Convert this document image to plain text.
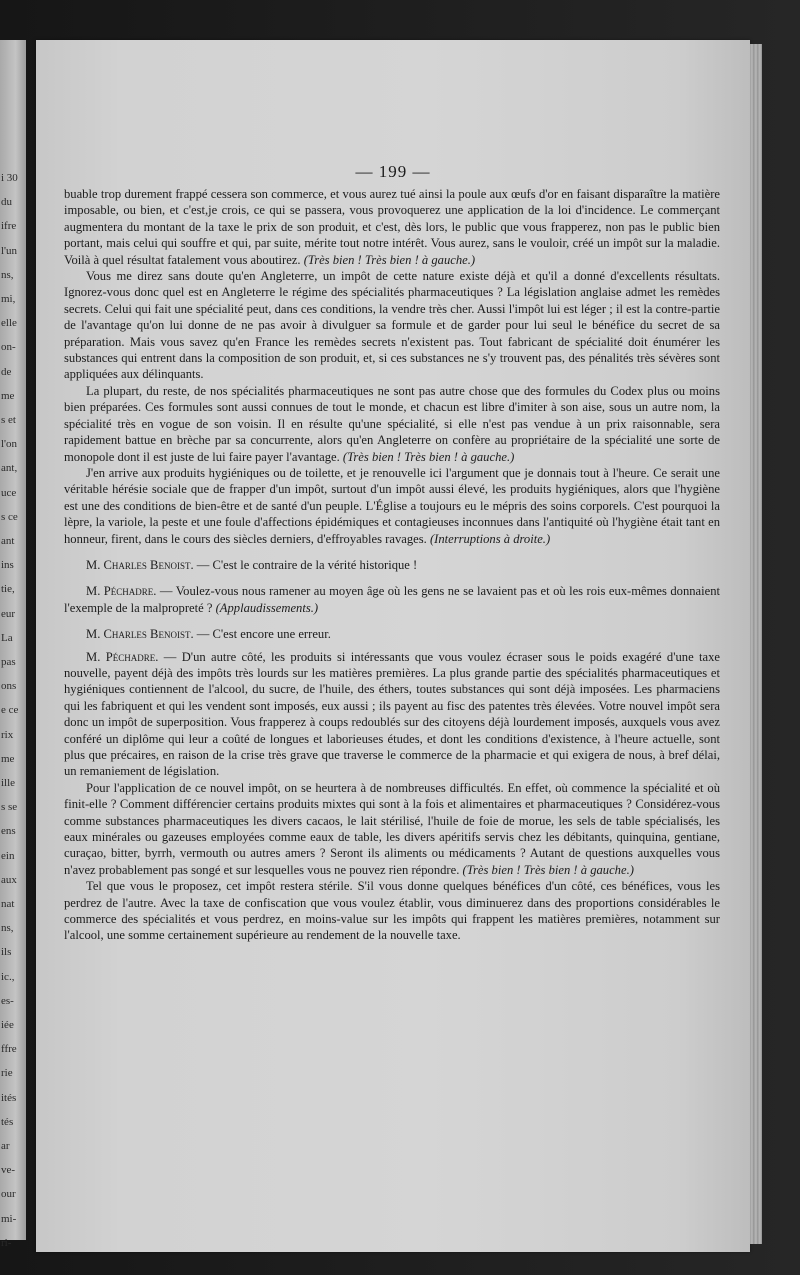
i 30
du
ifre
l'un
ns,
mi,
elle
on-
de
me
s et
l'on
ant,
uce
s ce
ant
ins
tie,
eur
La
pas
ons
e ce
rix
me
ille
s se
ens
ein
aux
nat
ns,
ils
ic.,
es-
iée
ffre
rie
ités
tés
ar
ve-
our
mi-
ri-
— 199 —

buable trop durement frappé cessera son commerce, et vous aurez tué ainsi la poule aux œufs d'or en faisant disparaître la matière imposable, ou bien, et c'est,je crois, ce qui se passera, vous provoquerez une application de la loi d'incidence. Le commerçant augmentera du montant de la taxe le prix de son produit, et c'est, dès lors, le public que vous frapperez, non pas le public bien portant, mais celui qui souffre et qui, par suite, mérite tout notre intérêt. Vous aurez, sans le vouloir, créé un impôt sur la maladie. Voilà à quel résultat fatalement vous aboutirez. (Très bien ! Très bien ! à gauche.)

Vous me direz sans doute qu'en Angleterre, un impôt de cette nature existe déjà et qu'il a donné d'excellents résultats. Ignorez-vous donc quel est en Angleterre le régime des spécialités pharmaceutiques ? La législation anglaise admet les remèdes secrets. Celui qui fait une spécialité peut, dans ces conditions, la vendre très cher. Aussi l'impôt lui est léger ; il est la contre-partie de l'avantage qu'on lui donne de ne pas avoir à divulguer sa formule et de garder pour lui seul le bénéfice du secret de sa préparation. Mais vous savez qu'en France les remèdes secrets n'existent pas. Tout fabricant de spécialité doit énumérer les substances qui entrent dans la composition de son produit, et, si ces substances ne s'y trouvent pas, des pénalités très sévères sont appliquées aux délinquants.

La plupart, du reste, de nos spécialités pharmaceutiques ne sont pas autre chose que des formules du Codex plus ou moins bien préparées. Ces formules sont aussi connues de tout le monde, et chacun est libre d'imiter à son aise, sous un autre nom, la spécialité très en vogue de son voisin. Il en résulte qu'une spécialité, si elle n'est pas vendue à un prix raisonnable, sera rapidement battue en brèche par sa concurrente, alors qu'en Angleterre on confère au propriétaire de la spécialité une sorte de monopole dont il est juste de lui faire payer l'avantage. (Très bien ! Très bien ! à gauche.)

J'en arrive aux produits hygiéniques ou de toilette, et je renouvelle ici l'argument que je donnais tout à l'heure. Ce serait une véritable hérésie sociale que de frapper d'un impôt, surtout d'un impôt aussi élevé, les produits hygiéniques, alors que l'hygiène est une des conditions de bien-être et de santé d'un peuple. L'Église a toujours eu le mépris des soins corporels. C'est pourquoi la lèpre, la variole, la peste et une foule d'affections épidémiques et contagieuses inconnues dans l'antiquité où l'hygiène était tant en honneur, firent, dans le cours des siècles derniers, d'effroyables ravages. (Interruptions à droite.)

M. Charles Benoist. — C'est le contraire de la vérité historique !

M. Péchadre. — Voulez-vous nous ramener au moyen âge où les gens ne se lavaient pas et où les rois eux-mêmes donnaient l'exemple de la malpropreté ? (Applaudissements.)

M. Charles Benoist. — C'est encore une erreur.

M. Péchadre. — D'un autre côté, les produits si intéressants que vous voulez écraser sous le poids exagéré d'une taxe nouvelle, payent déjà des impôts très lourds sur les matières premières. La plus grande partie des spécialités pharmaceutiques et hygiéniques contiennent de l'alcool, du sucre, de l'huile, des éthers, toutes substances qui sont déjà imposées. Les pharmaciens qui les fabriquent et qui les vendent sont imposés, eux aussi ; ils payent au fisc des patentes très élevées. Votre nouvel impôt sera donc un impôt de superposition. Vous frapperez à coups redoublés sur des citoyens déjà lourdement imposés, auxquels vous avez conféré un diplôme qui leur a coûté de longues et laborieuses études, et dont les conditions d'existence, à l'heure actuelle, sont plus que précaires, en raison de la crise très grave que traverse le commerce de la pharmacie et qui exigera de nous, à bref délai, un remaniement de législation.

Pour l'application de ce nouvel impôt, on se heurtera à de nombreuses difficultés. En effet, où commence la spécialité et où finit-elle ? Comment différencier certains produits mixtes qui sont à la fois et alimentaires et pharmaceutiques ? Considérez-vous comme substances pharmaceutiques les divers cacaos, le lait stérilisé, l'huile de foie de morue, les sels de table spécialisés, les eaux minérales ou gazeuses employées comme eaux de table, les divers apéritifs servis chez les débitants, quinquina, gentiane, curaçao, bitter, byrrh, vermouth ou autres amers ? Seront ils aliments ou médicaments ? Autant de questions auxquelles vous n'avez probablement pas songé et sur lesquelles vous ne pouvez rien répondre. (Très bien ! Très bien ! à gauche.)

Tel que vous le proposez, cet impôt restera stérile. S'il vous donne quelques bénéfices d'un côté, ces bénéfices, vous les perdrez de l'autre. Avec la taxe de confiscation que vous voulez établir, vous diminuerez dans des proportions considérables le commerce des spécialités et vous perdrez, en moins-value sur les impôts qui frappent les matières premières, notamment sur l'alcool, une somme certainement supérieure au rendement de la nouvelle taxe.
